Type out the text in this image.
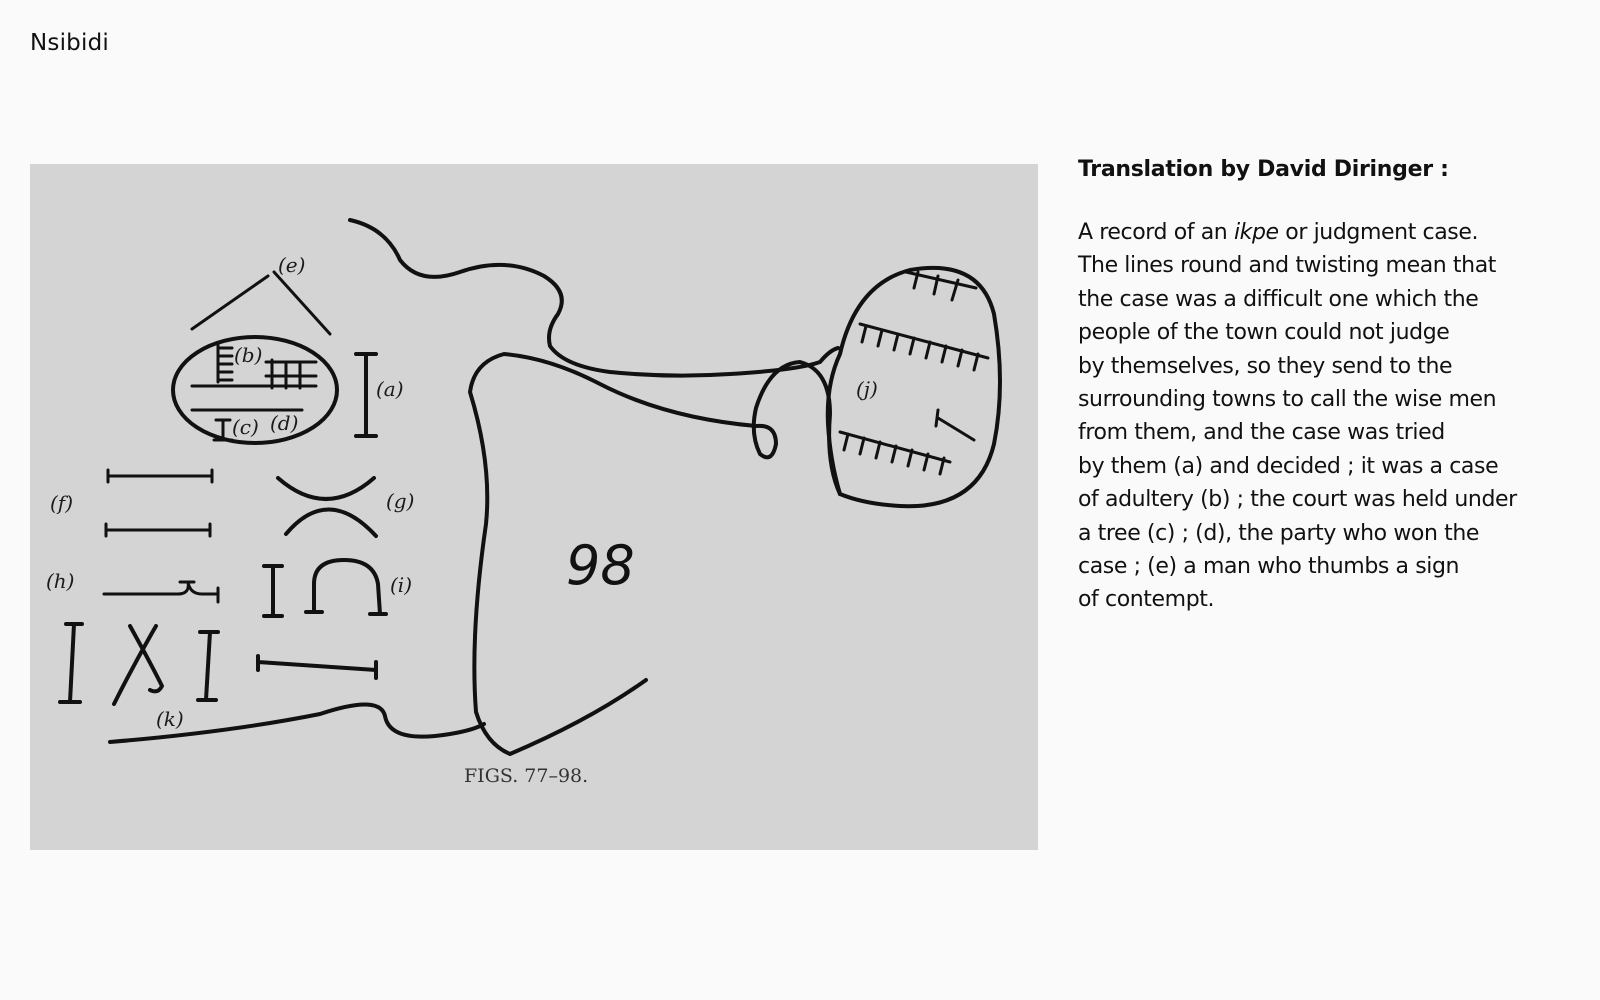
Nsibidi
(e)
(b)
(c) (d)
(a)
(f)	(g)
(h)	(i)
(k)
(j)
98
FIGS. 77–98.
Translation by David Diringer :
A record of an ikpe or judgment case.
The lines round and twisting mean that
the case was a difficult one which the
people of the town could not judge
by themselves, so they send to the
surrounding towns to call the wise men
from them, and the case was tried
by them (a) and decided ; it was a case
of adultery (b) ; the court was held under
a tree (c) ; (d), the party who won the
case ; (e) a man who thumbs a sign
of contempt.
